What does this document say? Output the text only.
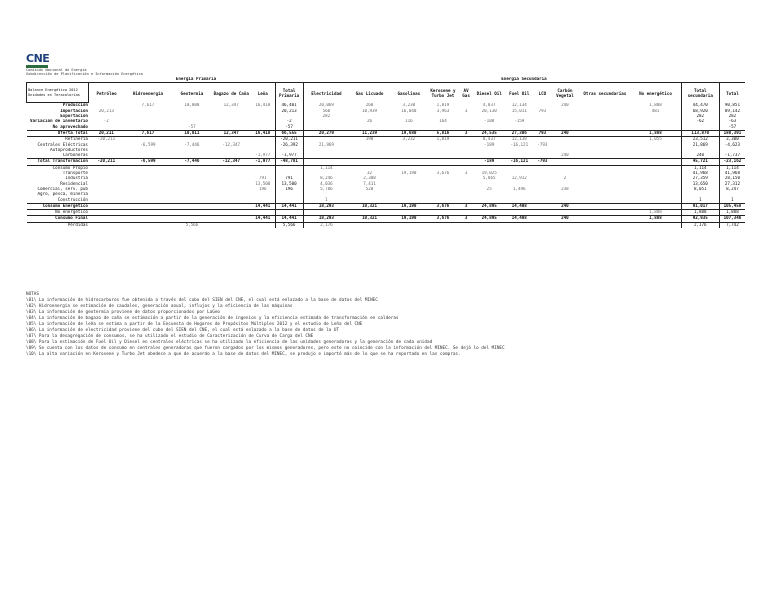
CNE
Comisión Nacional de Energía
Subdirección de Planificación e Información Energética
	Energía Primaria						Energía Secundaria												

Balance Energético 2012
Unidades en Teracalorías	Petróleo	Hidroenergía	Geotermia	Bagazo de Caña	Leña	Total Primaria	Electricidad	Gas Licuado	Gasolinas	Kerosene y Turbo Jet	AV Gas	Diesel Oil	Fuel Oil	LCO	Carbón Vegetal	Otras secundarias	No energético	Total secundaria	Total
Producción		7,617	10,008	12,347	16,418	46,401	20,069	260	3,230	1,819		4,837	12,134		240		1,888	44,470	90,851
Importación	20,213					20,213	560	10,939	16,040	3,963	3	20,130	15,011	793			481	68,920	89,142
Exportación							282											282	282
Variación de inventario	-2					-2		26	116	164		-108	-159					-62	-63
No aprovechado			-57			-57													-57
Oferta Total	20,211	7,617	10,011	12,347	16,418	66,555	20,279	11,239	19,680	5,816	3	24,535	27,306	793	240		1,888	113,870	180,391
Refinería	-20,211					-20,211		190	3,232	1,819		8,437	12,138				1,055	23,512	3,300
Centrales Eléctricas		-6,599	-7,446	-12,347		-26,392	21,969					-189	-16,121	-793				21,869	-4,623
Autoproductores																			
Carboneras					-1,977	-1,977									240			240	-1,737
Total Transformación	-20,211	-6,599	-7,446	-12,347	-1,977	-48,781						-189	-16,121	-793				45,721	-23,162
Consumo Propio							1,114											1,114	1,114
Transporte								32	19,190	3,676	3	19,025						41,968	41,968
Industria					791	791	8,246	2,308				5,865	12,912		2			27,359	28,150
Residencial					13,500	13,500	4,036	7,411										13,650	27,312
Comercial, serv. pub					196	196	5,786	520				25	1,496		238			8,051	8,247
Agro, pesca, minería																			
Construcción							1											1	1
Consumo Energético					14,441	14,441	18,293	10,321	19,190	3,676	3	24,895	14,408		240			91,017	105,458
No energético																	1,888	1,888	1,888
Consumo Final					14,441	14,441	18,293	10,321	19,190	3,676	3	24,895	14,408		240		1,888	92,935	107,346
Pérdidas			5,566			5,566	2,176											2,176	7,742
NOTAS
\01\ La información de hidrocarburos fue obtenida a través del cubo del SIEN del CNE, el cual está enlazado a la base de datos del MINEC
\02\ Hidroenergía se estimación de caudales, generación anual, influjos y la eficiencia de las máquinas
\03\ La información de geotermia proviene de datos proporcionados por LaGeo
\04\ La información de bagazo de caña se estimación a partir de la generación de ingenios y la eficiencia estimada de transformación en calderas
\05\ La información de leña se estima a partir de la Encuesta de Hogares de Propósitos Múltiples 2012 y el estudio de Leña del CNE
\06\ La información de electricidad proviene del cubo del SIEN del CNE, el cual está enlazado a la base de datos de la UT
\07\ Para la desagregación de consumos, se ha utilizado el estudio de Caracterización de Curva de Carga del CNE
\08\ Para la estimación de Fuel Oil y Diesel en centrales eléctricas se ha utilizado la eficiencia de las unidades generadoras y la generación de cada unidad
\09\ Se cuenta con los datos de consumo en centrales generadoras que fueron cargados por los mismos generadores, pero este no coincide con la información del MINEC. Se dejó lo del MINEC
\10\ La alta variación en Kerosene y Turbo Jet obedece a que de acuerdo a la base de datos del MINEC, se produjo e importó más de lo que se ha reportado en las compras.
